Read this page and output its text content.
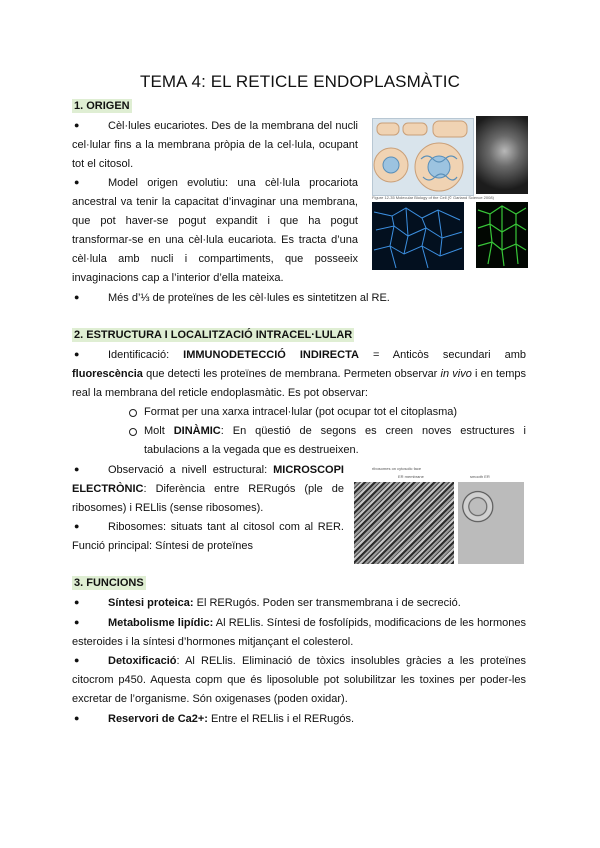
TEMA 4: EL RETICLE ENDOPLASMÀTIC
1. ORIGEN
●	Cèl·lules eucariotes. Des de la membrana del nucli cel·lular fins a la membrana pròpia de la cel·lula, ocupant tot el citosol.
●	Model origen evolutiu: una cèl·lula procariota ancestral va tenir la capacitat d’invaginar una membrana, que pot haver-se pogut expandit i que ha pogut transformar-se en una cèl·lula eucariota. Es tracta d’una cèl·lula amb nucli i compartiments, que posseeix invaginacions cap a l’interior d’ella mateixa.
●	Més d’⅓ de proteïnes de les cèl·lules es sintetitzen al RE.
Figure 12-35 Molecular Biology of the Cell (© Garland Science 2008)
2. ESTRUCTURA I LOCALITZACIÓ INTRACEL·LULAR
●	Identificació: IMMUNODETECCIÓ INDIRECTA = Anticòs secundari amb fluorescència que detecti les proteïnes de membrana. Permeten observar in vivo i en temps real la membrana del reticle endoplasmàtic. Es pot observar:
Format per una xarxa intracel·lular (pot ocupar tot el citoplasma)
Molt DINÀMIC: En qüestió de segons es creen noves estructures i tabulacions a la vegada que es destrueixen.
●	Observació a nivell estructural: MICROSCOPI ELECTRÒNIC: Diferència entre RERugós (ple de ribosomes) i RELlis (sense ribosomes).
●	Ribosomes: situats tant al citosol com al RER. Funció principal: Síntesi de proteïnes
ribosomes on cytosolic face
ER membrane	smooth ER
3. FUNCIONS
●	Síntesi proteica: El RERugós. Poden ser transmembrana i de secreció.
●	Metabolisme lipídic: Al RELlis. Síntesi de fosfolípids, modificacions de les hormones esteroides i la síntesi d’hormones mitjançant el colesterol.
●	Detoxificació: Al RELlis. Eliminació de tòxics insolubles gràcies a les proteïnes citocrom p450. Aquesta copm que és liposoluble pot solubilitzar les toxines per poder-les excretar de l’organisme. Són oxigenases (poden oxidar).
●	Reservori de Ca2+: Entre el RELlis i el RERugós.
